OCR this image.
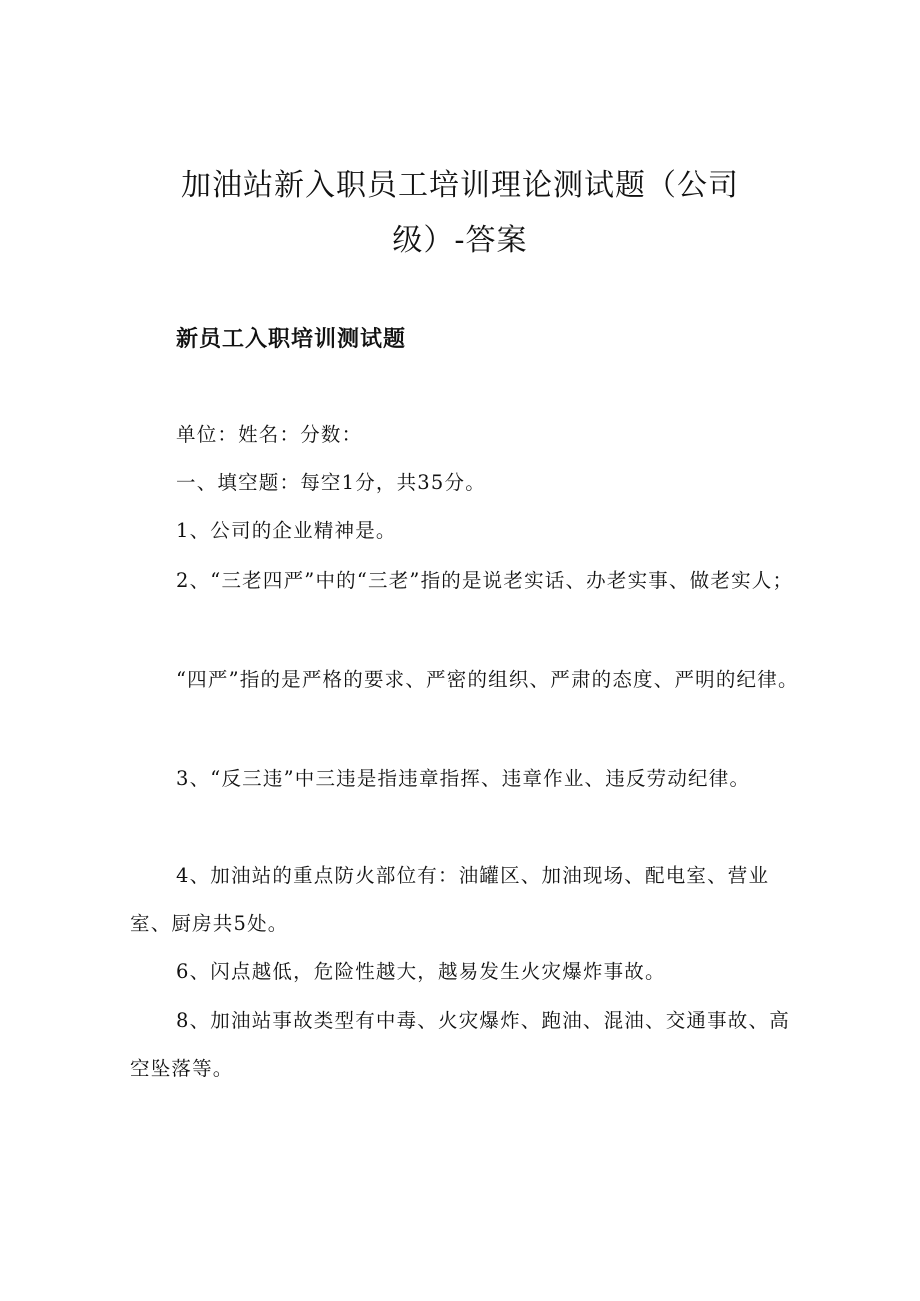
加油站新入职员工培训理论测试题（公司
级）-答案
新员工入职培训测试题

单位：姓名：分数：

一、填空题：每空1分，共35分。

1、公司的企业精神是。

2、“三老四严”中的“三老”指的是说老实话、办老实事、做老实人；

“四严”指的是严格的要求、严密的组织、严肃的态度、严明的纪律。

3、“反三违”中三违是指违章指挥、违章作业、违反劳动纪律。

4、加油站的重点防火部位有：油罐区、加油现场、配电室、营业室、厨房共5处。

6、闪点越低，危险性越大，越易发生火灾爆炸事故。

8、加油站事故类型有中毒、火灾爆炸、跑油、混油、交通事故、高空坠落等。
